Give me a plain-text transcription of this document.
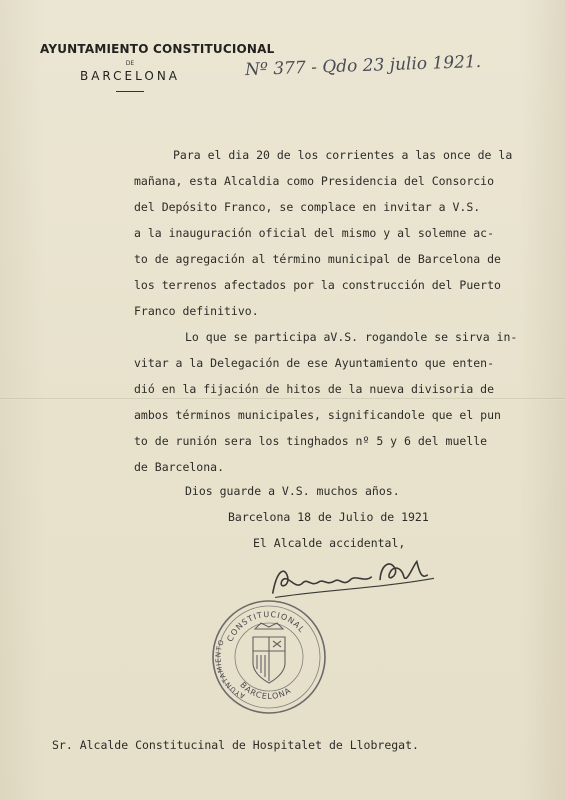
AYUNTAMIENTO CONSTITUCIONAL
DE
BARCELONA	Nº 377 - Qdo 23 julio 1921.
Para el dia 20 de los corrientes a las once de la
mañana, esta Alcaldia como Presidencia del Consorcio
del Depósito Franco, se complace en invitar a V.S.
a la inauguración oficial del mismo y al solemne ac-
to de agregación al término municipal de Barcelona de
los terrenos afectados por la construcción del Puerto
Franco definitivo.
Lo que se participa aV.S. rogandole se sirva in-
vitar a la Delegación de ese Ayuntamiento que enten-
dió en la fijación de hitos de la nueva divisoria de
ambos términos municipales, significandole que el pun
to de runión sera los tinghados nº 5 y 6 del muelle
de Barcelona.
Dios guarde a V.S. muchos años.
Barcelona 18 de Julio de 1921
El Alcalde accidental,
CONSTITUCIONAL
BARCELONA
AYUNTAMIENTO
Sr. Alcalde Constitucinal de Hospitalet de Llobregat.
